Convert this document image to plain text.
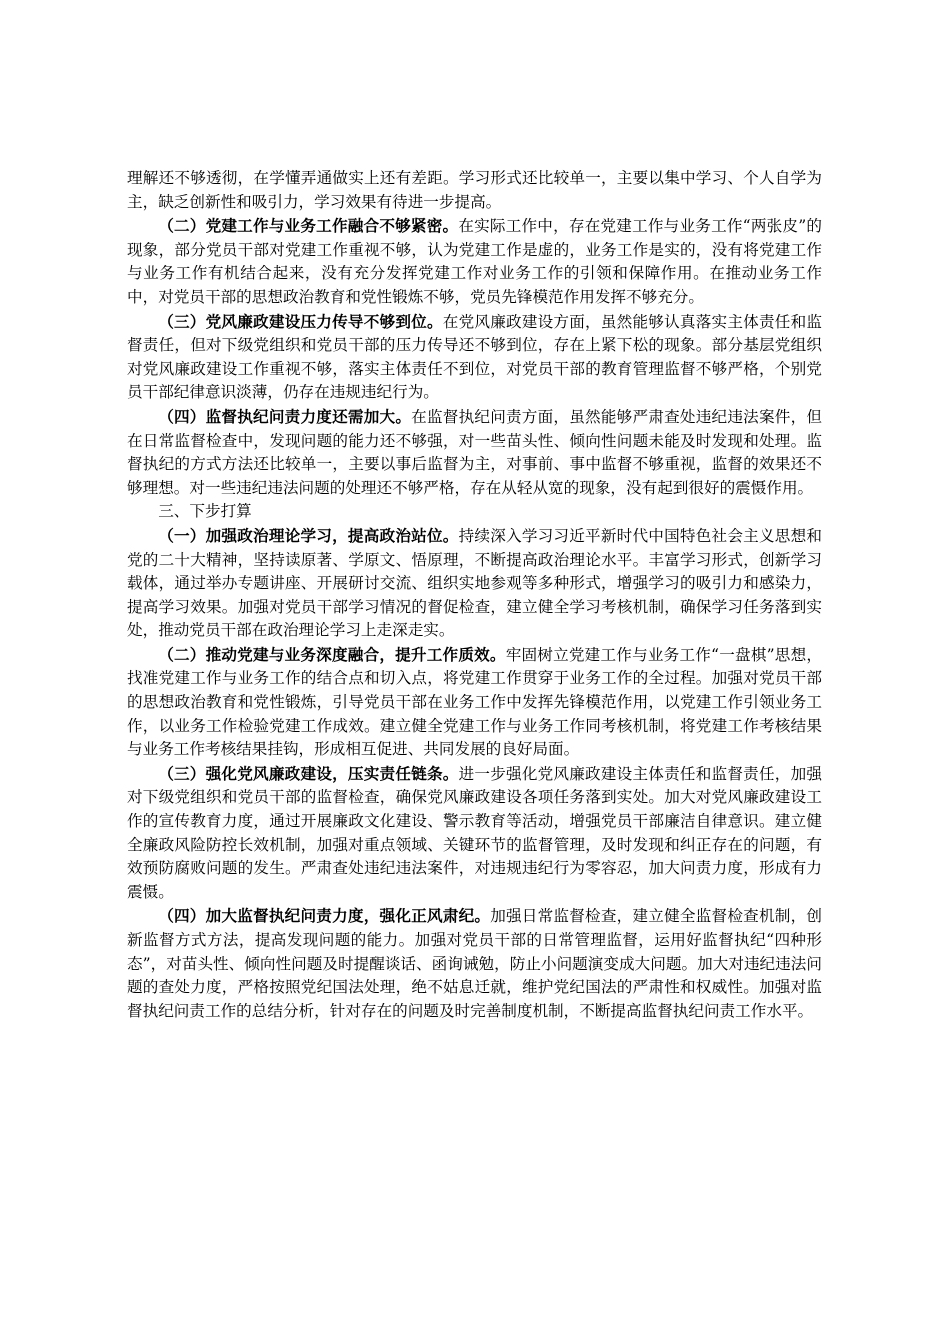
理解还不够透彻，在学懂弄通做实上还有差距。学习形式还比较单一，主要以集中学习、个人自学为主，缺乏创新性和吸引力，学习效果有待进一步提高。

（二）党建工作与业务工作融合不够紧密。在实际工作中，存在党建工作与业务工作“两张皮”的现象，部分党员干部对党建工作重视不够，认为党建工作是虚的，业务工作是实的，没有将党建工作与业务工作有机结合起来，没有充分发挥党建工作对业务工作的引领和保障作用。在推动业务工作中，对党员干部的思想政治教育和党性锻炼不够，党员先锋模范作用发挥不够充分。

（三）党风廉政建设压力传导不够到位。在党风廉政建设方面，虽然能够认真落实主体责任和监督责任，但对下级党组织和党员干部的压力传导还不够到位，存在上紧下松的现象。部分基层党组织对党风廉政建设工作重视不够，落实主体责任不到位，对党员干部的教育管理监督不够严格，个别党员干部纪律意识淡薄，仍存在违规违纪行为。

（四）监督执纪问责力度还需加大。在监督执纪问责方面，虽然能够严肃查处违纪违法案件，但在日常监督检查中，发现问题的能力还不够强，对一些苗头性、倾向性问题未能及时发现和处理。监督执纪的方式方法还比较单一，主要以事后监督为主，对事前、事中监督不够重视，监督的效果还不够理想。对一些违纪违法问题的处理还不够严格，存在从轻从宽的现象，没有起到很好的震慑作用。

三、下步打算

（一）加强政治理论学习，提高政治站位。持续深入学习习近平新时代中国特色社会主义思想和党的二十大精神，坚持读原著、学原文、悟原理，不断提高政治理论水平。丰富学习形式，创新学习载体，通过举办专题讲座、开展研讨交流、组织实地参观等多种形式，增强学习的吸引力和感染力，提高学习效果。加强对党员干部学习情况的督促检查，建立健全学习考核机制，确保学习任务落到实处，推动党员干部在政治理论学习上走深走实。

（二）推动党建与业务深度融合，提升工作质效。牢固树立党建工作与业务工作“一盘棋”思想，找准党建工作与业务工作的结合点和切入点，将党建工作贯穿于业务工作的全过程。加强对党员干部的思想政治教育和党性锻炼，引导党员干部在业务工作中发挥先锋模范作用，以党建工作引领业务工作，以业务工作检验党建工作成效。建立健全党建工作与业务工作同考核机制，将党建工作考核结果与业务工作考核结果挂钩，形成相互促进、共同发展的良好局面。

（三）强化党风廉政建设，压实责任链条。进一步强化党风廉政建设主体责任和监督责任，加强对下级党组织和党员干部的监督检查，确保党风廉政建设各项任务落到实处。加大对党风廉政建设工作的宣传教育力度，通过开展廉政文化建设、警示教育等活动，增强党员干部廉洁自律意识。建立健全廉政风险防控长效机制，加强对重点领域、关键环节的监督管理，及时发现和纠正存在的问题，有效预防腐败问题的发生。严肃查处违纪违法案件，对违规违纪行为零容忍，加大问责力度，形成有力震慑。

（四）加大监督执纪问责力度，强化正风肃纪。加强日常监督检查，建立健全监督检查机制，创新监督方式方法，提高发现问题的能力。加强对党员干部的日常管理监督，运用好监督执纪“四种形态”，对苗头性、倾向性问题及时提醒谈话、函询诫勉，防止小问题演变成大问题。加大对违纪违法问题的查处力度，严格按照党纪国法处理，绝不姑息迁就，维护党纪国法的严肃性和权威性。加强对监督执纪问责工作的总结分析，针对存在的问题及时完善制度机制，不断提高监督执纪问责工作水平。
